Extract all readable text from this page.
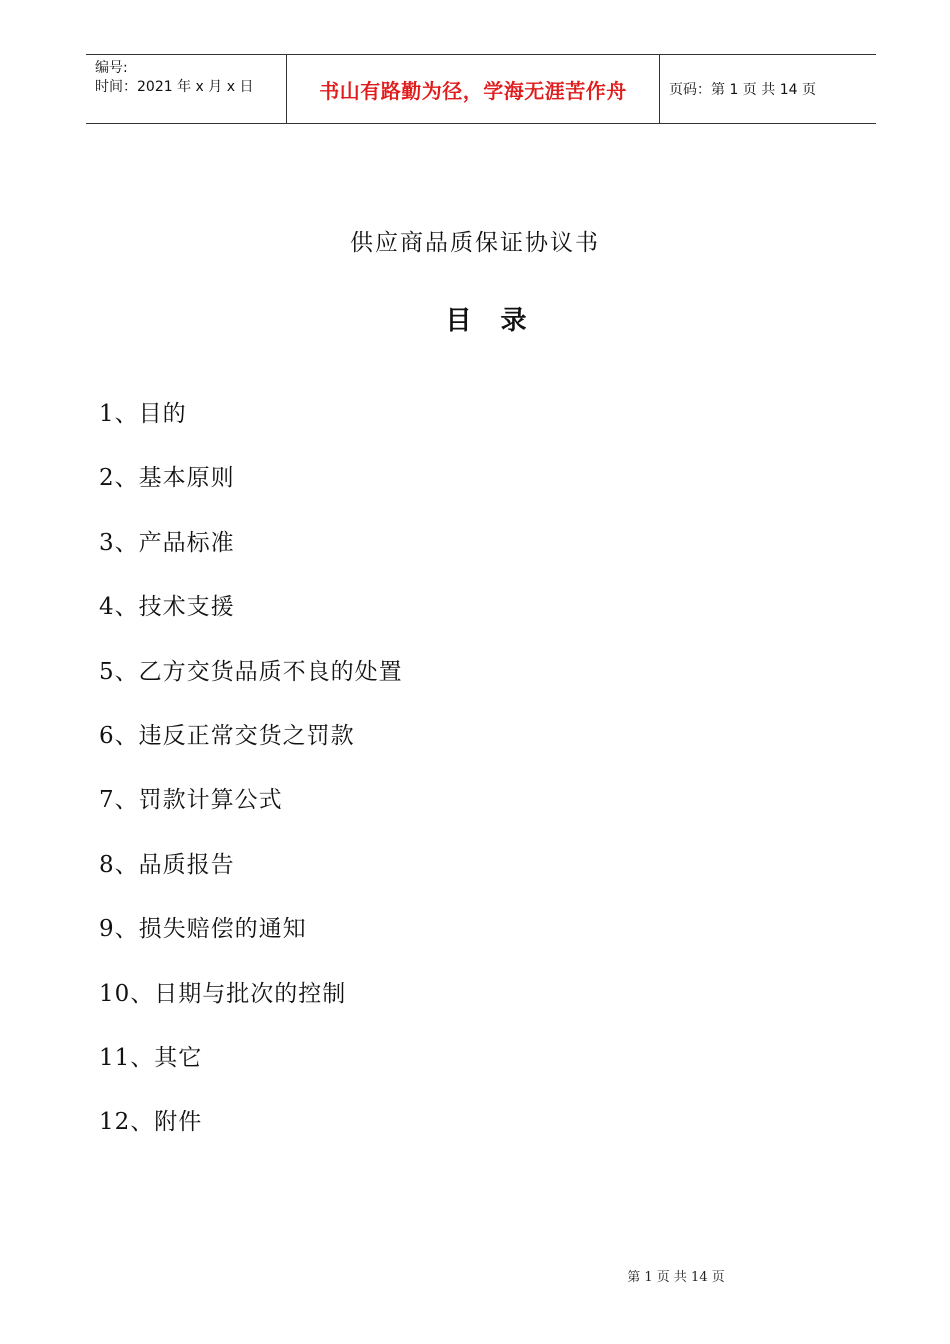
编号:
时间：2021 年 x 月 x 日	书山有路勤为径，学海无涯苦作舟	页码：第 1 页 共 14 页
供应商品质保证协议书
目 录
1、目的
2、基本原则
3、产品标准
4、技术支援
5、乙方交货品质不良的处置
6、违反正常交货之罚款
7、罚款计算公式
8、品质报告
9、损失赔偿的通知
10、日期与批次的控制
11、其它
12、附件
第 1 页 共 14 页
